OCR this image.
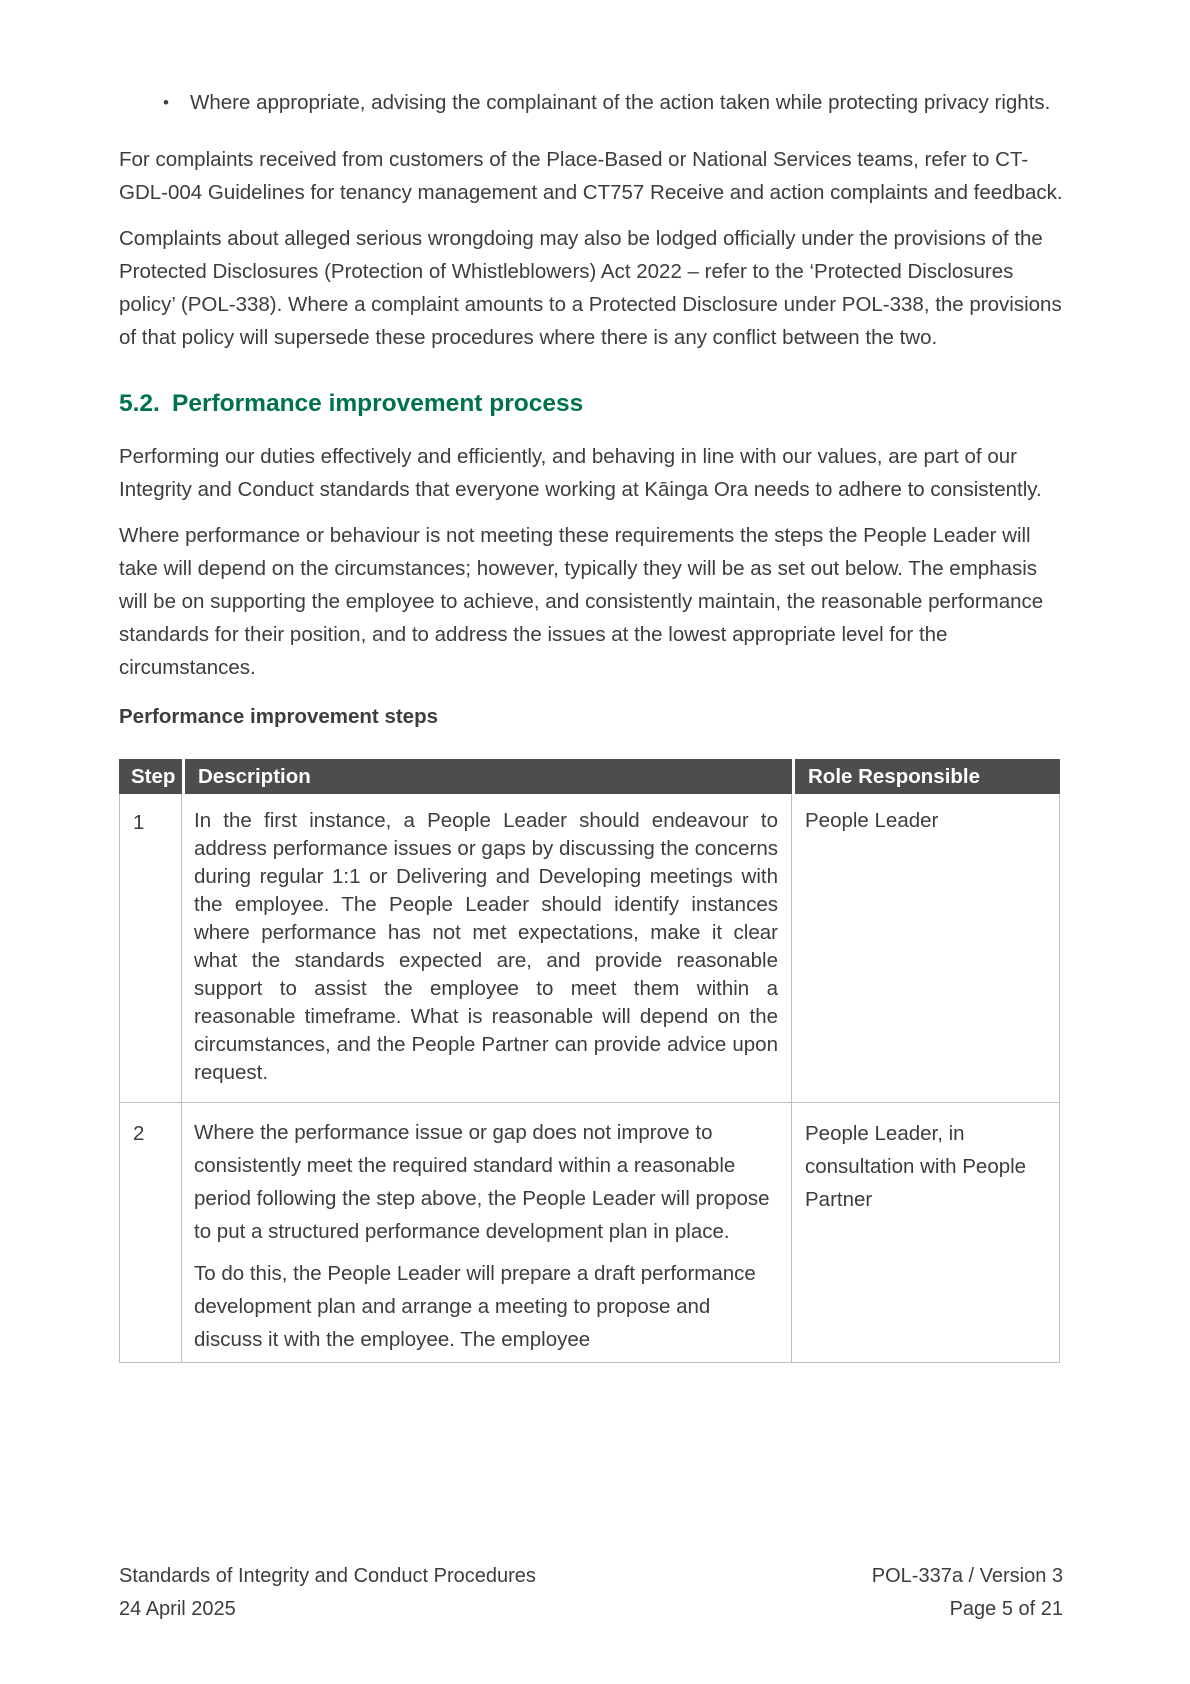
•	Where appropriate, advising the complainant of the action taken while protecting privacy rights.

For complaints received from customers of the Place-Based or National Services teams, refer to CT-GDL-004 Guidelines for tenancy management and CT757 Receive and action complaints and feedback.

Complaints about alleged serious wrongdoing may also be lodged officially under the provisions of the Protected Disclosures (Protection of Whistleblowers) Act 2022 – refer to the ‘Protected Disclosures policy’ (POL-338). Where a complaint amounts to a Protected Disclosure under POL-338, the provisions of that policy will supersede these procedures where there is any conflict between the two.

5.2. Performance improvement process

Performing our duties effectively and efficiently, and behaving in line with our values, are part of our Integrity and Conduct standards that everyone working at Kāinga Ora needs to adhere to consistently.

Where performance or behaviour is not meeting these requirements the steps the People Leader will take will depend on the circumstances; however, typically they will be as set out below. The emphasis will be on supporting the employee to achieve, and consistently maintain, the reasonable performance standards for their position, and to address the issues at the lowest appropriate level for the circumstances.

Performance improvement steps

Step	Description	Role Responsible
1	In the first instance, a People Leader should endeavour to address performance issues or gaps by discussing the concerns during regular 1:1 or Delivering and Developing meetings with the employee. The People Leader should identify instances where performance has not met expectations, make it clear what the standards expected are, and provide reasonable support to assist the employee to meet them within a reasonable timeframe. What is reasonable will depend on the circumstances, and the People Partner can provide advice upon request.	People Leader
2	Where the performance issue or gap does not improve to consistently meet the required standard within a reasonable period following the step above, the People Leader will propose to put a structured performance development plan in place.

To do this, the People Leader will prepare a draft performance development plan and arrange a meeting to propose and discuss it with the employee. The employee	People Leader, in consultation with People Partner
Standards of Integrity and Conduct Procedures
24 April 2025
POL-337a / Version 3
Page 5 of 21
